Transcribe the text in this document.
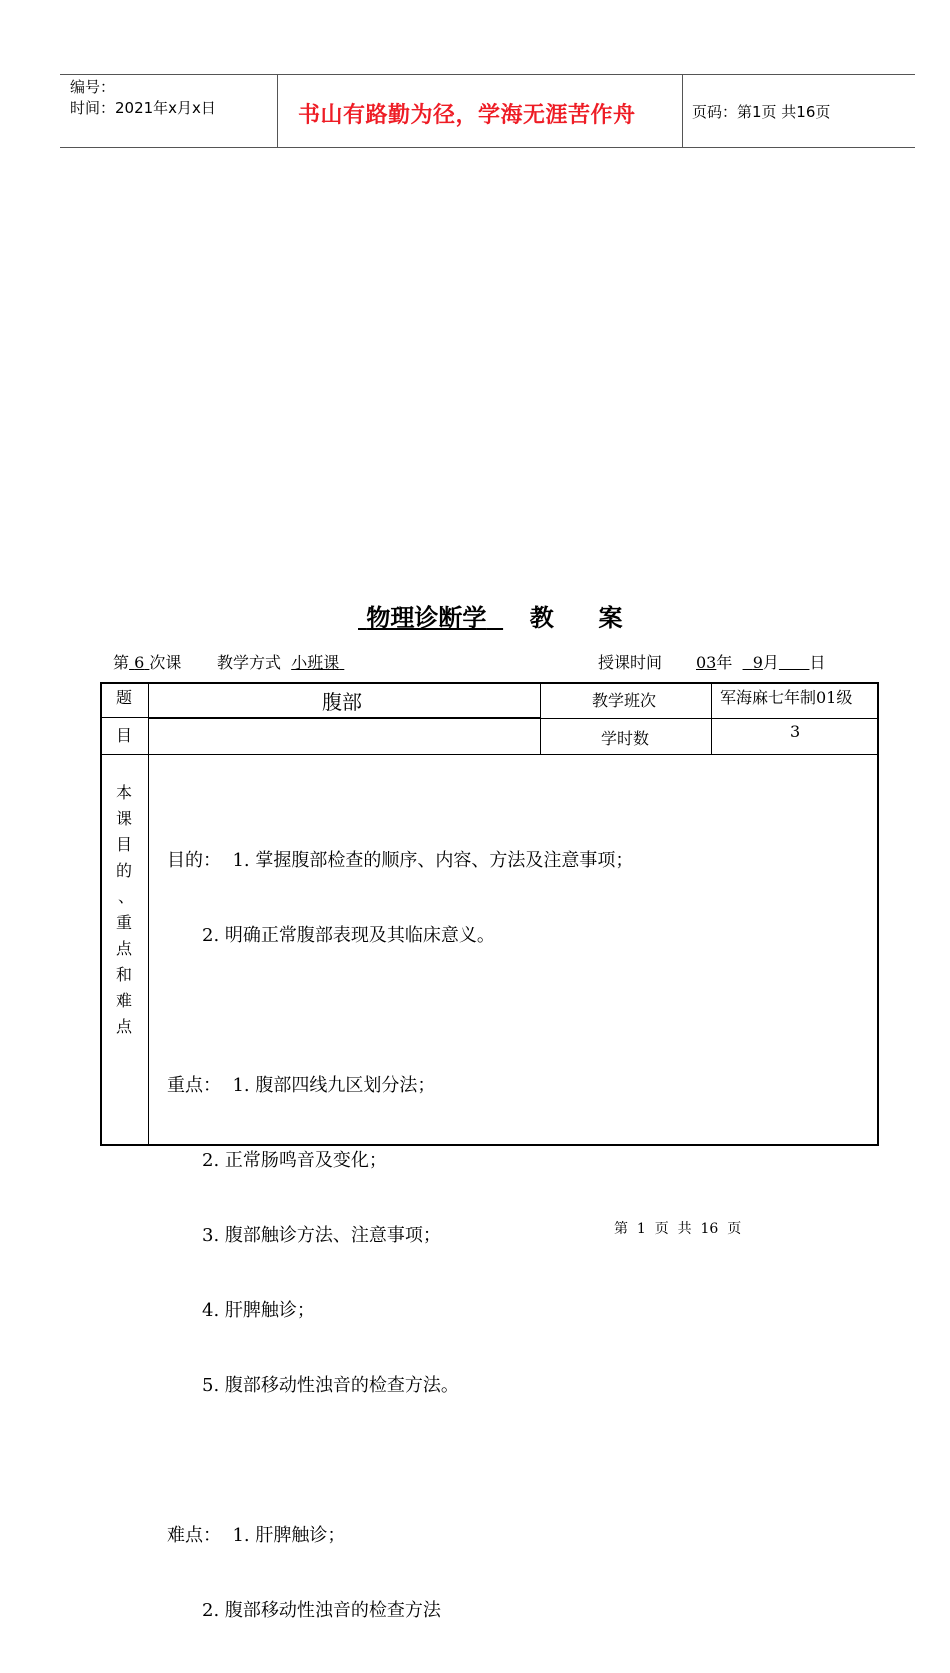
编号：
时间：2021年x月x日	书山有路勤为径，学海无涯苦作舟	页码：第1页 共16页
物理诊断学 教 案
第 6 次课 教学方式 小班课	授课时间 03年 9月 日
题
目
腹部	教学班次	军海麻七年制01级
学时数	3
本
课
目
的
、
重
点
和
难
点

目的： 1. 掌握腹部检查的顺序、内容、方法及注意事项；

2. 明确正常腹部表现及其临床意义。

重点： 1. 腹部四线九区划分法；

2. 正常肠鸣音及变化；

3. 腹部触诊方法、注意事项；

4. 肝脾触诊；

5. 腹部移动性浊音的检查方法。

难点： 1. 肝脾触诊；

2. 腹部移动性浊音的检查方法

第  1  页  共  16  页
